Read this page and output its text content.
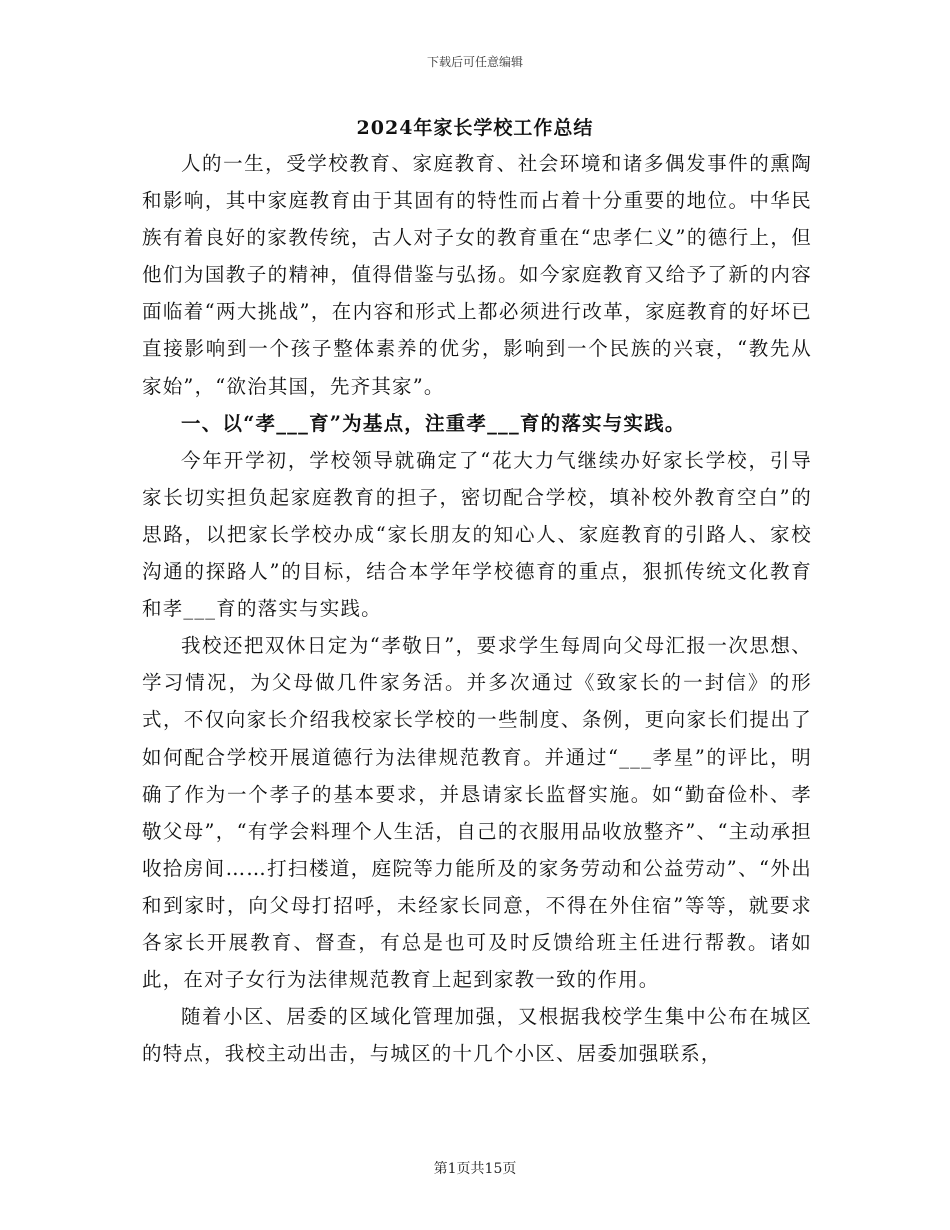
下载后可任意编辑
2024年家长学校工作总结

人的一生，受学校教育、家庭教育、社会环境和诸多偶发事件的熏陶和影响，其中家庭教育由于其固有的特性而占着十分重要的地位。中华民族有着良好的家教传统，古人对子女的教育重在“忠孝仁义”的德行上，但他们为国教子的精神，值得借鉴与弘扬。如今家庭教育又给予了新的内容面临着“两大挑战”，在内容和形式上都必须进行改革，家庭教育的好坏已直接影响到一个孩子整体素养的优劣，影响到一个民族的兴衰，“教先从家始”，“欲治其国，先齐其家”。

一、以“孝___育”为基点，注重孝___育的落实与实践。

今年开学初，学校领导就确定了“花大力气继续办好家长学校，引导家长切实担负起家庭教育的担子，密切配合学校，填补校外教育空白”的思路，以把家长学校办成“家长朋友的知心人、家庭教育的引路人、家校沟通的探路人”的目标，结合本学年学校德育的重点，狠抓传统文化教育和孝___育的落实与实践。

我校还把双休日定为“孝敬日”，要求学生每周向父母汇报一次思想、学习情况，为父母做几件家务活。并多次通过《致家长的一封信》的形式，不仅向家长介绍我校家长学校的一些制度、条例，更向家长们提出了如何配合学校开展道德行为法律规范教育。并通过“___孝星”的评比，明确了作为一个孝子的基本要求，并恳请家长监督实施。如“勤奋俭朴、孝敬父母”，“有学会料理个人生活，自己的衣服用品收放整齐”、“主动承担收拾房间……打扫楼道，庭院等力能所及的家务劳动和公益劳动”、“外出和到家时，向父母打招呼，未经家长同意，不得在外住宿”等等，就要求各家长开展教育、督查，有总是也可及时反馈给班主任进行帮教。诸如此，在对子女行为法律规范教育上起到家教一致的作用。

随着小区、居委的区域化管理加强，又根据我校学生集中公布在城区的特点，我校主动出击，与城区的十几个小区、居委加强联系，

第1页共15页
